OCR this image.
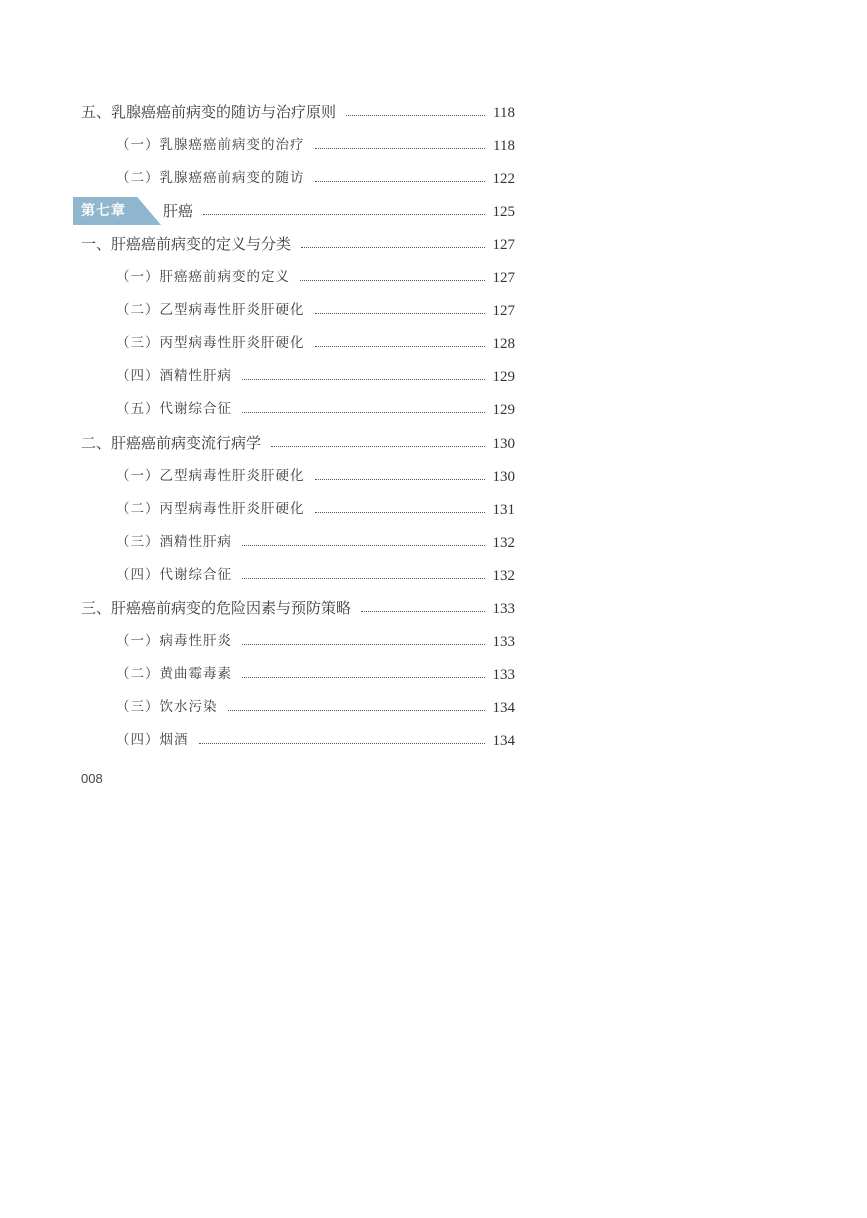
五、乳腺癌癌前病变的随访与治疗原则	118
（一）乳腺癌癌前病变的治疗	118
（二）乳腺癌癌前病变的随访	122
第七章 肝癌	125
一、肝癌癌前病变的定义与分类	127
（一）肝癌癌前病变的定义	127
（二）乙型病毒性肝炎肝硬化	127
（三）丙型病毒性肝炎肝硬化	128
（四）酒精性肝病	129
（五）代谢综合征	129
二、肝癌癌前病变流行病学	130
（一）乙型病毒性肝炎肝硬化	130
（二）丙型病毒性肝炎肝硬化	131
（三）酒精性肝病	132
（四）代谢综合征	132
三、肝癌癌前病变的危险因素与预防策略	133
（一）病毒性肝炎	133
（二）黄曲霉毒素	133
（三）饮水污染	134
（四）烟酒	134
008
